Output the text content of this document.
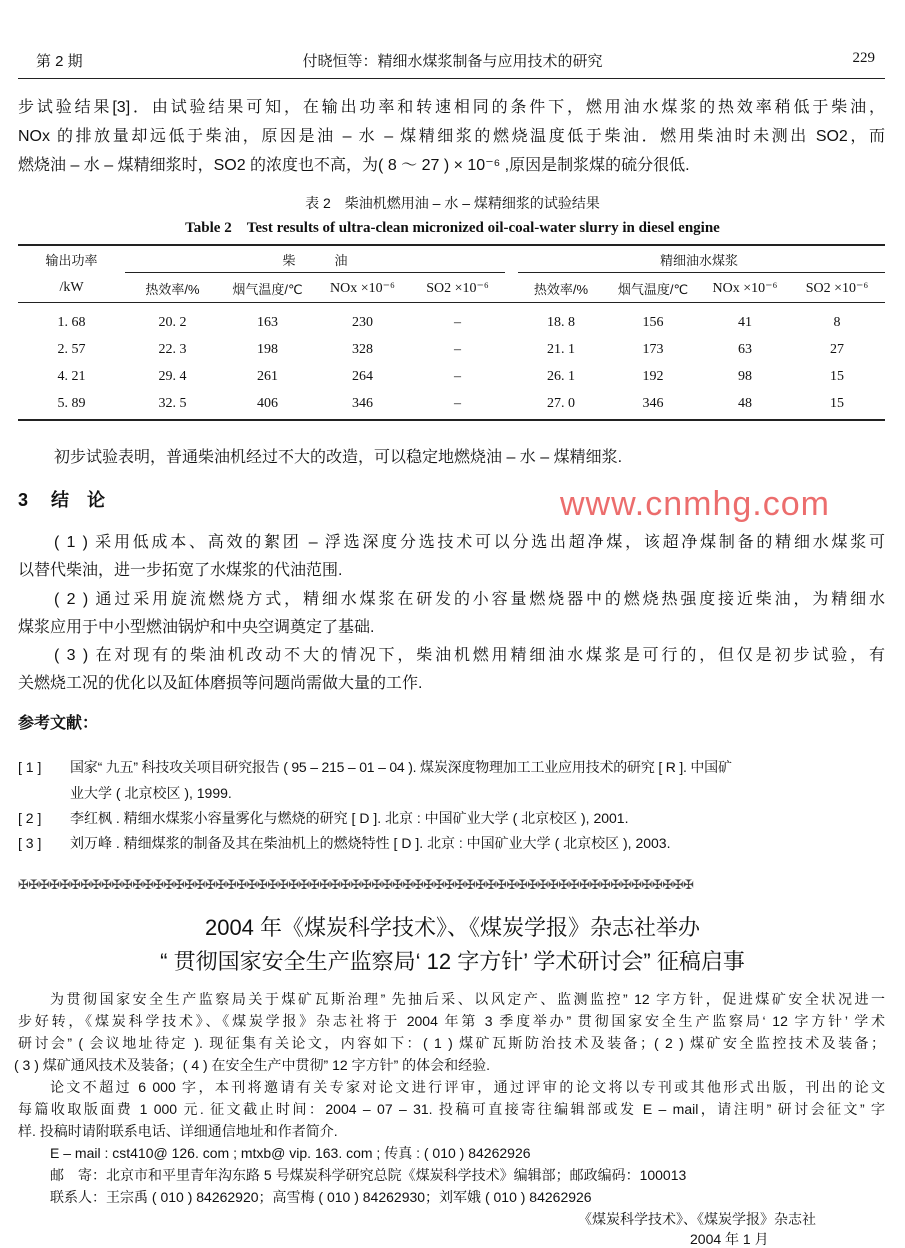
第 2 期	付晓恒等：精细水煤浆制备与应用技术的研究	229
步试验结果[3]．由试验结果可知，在输出功率和转速相同的条件下，燃用油水煤浆的热效率稍低于柴油，
NOx 的排放量却远低于柴油，原因是油 – 水 – 煤精细浆的燃烧温度低于柴油．燃用柴油时未测出 SO2，而
燃烧油 – 水 – 煤精细浆时，SO2 的浓度也不高，为( 8 ～ 27 ) × 10⁻⁶ ,原因是制浆煤的硫分很低.
表 2　柴油机燃用油 – 水 – 煤精细浆的试验结果
Table 2　Test results of ultra-clean micronized oil-coal-water slurry in diesel engine
输出功率	柴　　　油					精细油水煤浆			
/kW	热效率/%	烟气温度/℃	NOx ×10⁻⁶	SO2 ×10⁻⁶		热效率/%	烟气温度/℃	NOx ×10⁻⁶	SO2 ×10⁻⁶
1. 68	20. 2	163	230	–		18. 8	156	41	8
2. 57	22. 3	198	328	–		21. 1	173	63	27
4. 21	29. 4	261	264	–		26. 1	192	98	15
5. 89	32. 5	406	346	–		27. 0	346	48	15
初步试验表明，普通柴油机经过不大的改造，可以稳定地燃烧油 – 水 – 煤精细浆.
3 结　论	www.cnmhg.com
( 1 ) 采用低成本、高效的絮团 – 浮选深度分选技术可以分选出超净煤，该超净煤制备的精细水煤浆可
以替代柴油，进一步拓宽了水煤浆的代油范围.
( 2 ) 通过采用旋流燃烧方式，精细水煤浆在研发的小容量燃烧器中的燃烧热强度接近柴油，为精细水
煤浆应用于中小型燃油锅炉和中央空调奠定了基础.
( 3 ) 在对现有的柴油机改动不大的情况下，柴油机燃用精细油水煤浆是可行的，但仅是初步试验，有
关燃烧工况的优化以及缸体磨损等问题尚需做大量的工作.
参考文献：
[ 1 ] 国家“ 九五” 科技攻关项目研究报告 ( 95 – 215 – 01 – 04 ). 煤炭深度物理加工工业应用技术的研究 [ R ]. 中国矿
业大学 ( 北京校区 ), 1999.
[ 2 ] 李红枫 . 精细水煤浆小容量雾化与燃烧的研究 [ D ]. 北京 : 中国矿业大学 ( 北京校区 ), 2001.
[ 3 ] 刘万峰 . 精细煤浆的制备及其在柴油机上的燃烧特性 [ D ]. 北京 : 中国矿业大学 ( 北京校区 ), 2003.
✠✠✠✠✠✠✠✠✠✠✠✠✠✠✠✠✠✠✠✠✠✠✠✠✠✠✠✠✠✠✠✠✠✠✠✠✠✠✠✠✠✠✠✠✠✠✠✠✠✠✠✠✠✠✠✠✠✠✠✠✠✠✠✠✠
2004 年《煤炭科学技术》、《煤炭学报》杂志社举办
“ 贯彻国家安全生产监察局‘ 12 字方针’ 学术研讨会” 征稿启事
为贯彻国家安全生产监察局关于煤矿瓦斯治理” 先抽后采、以风定产、监测监控” 12 字方针，促进煤矿安全状况进一
步好转，《煤炭科学技术》、《煤炭学报》杂志社将于 2004 年第 3 季度举办” 贯彻国家安全生产监察局‘ 12 字方针’ 学术
研讨会” ( 会议地址待定 ). 现征集有关论文，内容如下：( 1 ) 煤矿瓦斯防治技术及装备；( 2 ) 煤矿安全监控技术及装备；
( 3 ) 煤矿通风技术及装备；( 4 ) 在安全生产中贯彻” 12 字方针” 的体会和经验.
论文不超过 6 000 字，本刊将邀请有关专家对论文进行评审，通过评审的论文将以专刊或其他形式出版，刊出的论文
每篇收取版面费 1 000 元. 征文截止时间：2004 – 07 – 31. 投稿可直接寄往编辑部或发 E – mail，请注明” 研讨会征文” 字
样. 投稿时请附联系电话、详细通信地址和作者简介.
E – mail : cst410@ 126. com ; mtxb@ vip. 163. com ; 传真 : ( 010 ) 84262926
邮　寄：北京市和平里青年沟东路 5 号煤炭科学研究总院《煤炭科学技术》编辑部；邮政编码：100013
联系人：王宗禹 ( 010 ) 84262920；高雪梅 ( 010 ) 84262930；刘军娥 ( 010 ) 84262926
《煤炭科学技术》、《煤炭学报》杂志社
2004 年 1 月
